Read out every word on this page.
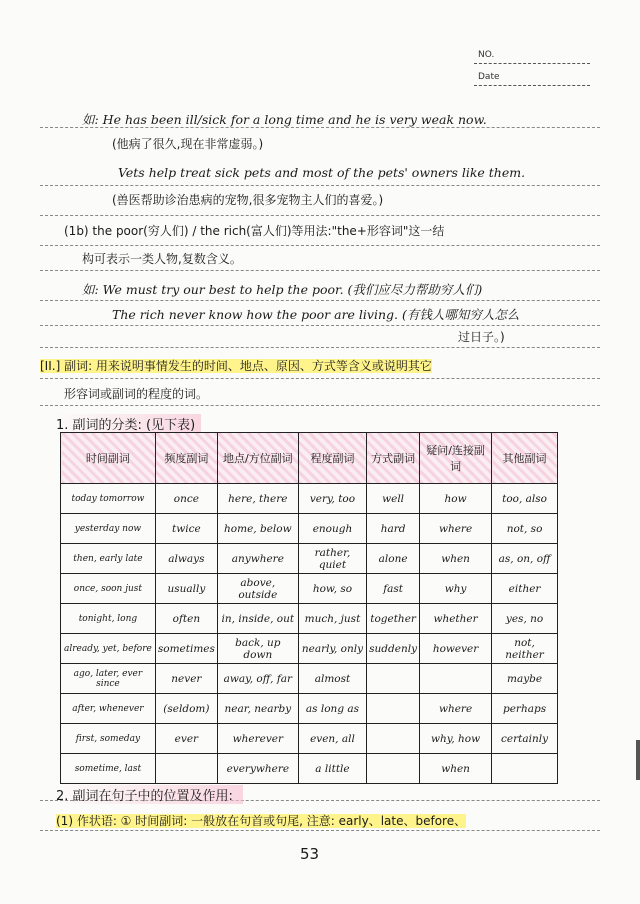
NO.
Date
如: He has been ill/sick for a long time and he is very weak now.
(他病了很久,现在非常虚弱。)
Vets help treat sick pets and most of the pets' owners like them.
(兽医帮助诊治患病的宠物,很多宠物主人们的喜爱。)
(1b) the poor(穷人们) / the rich(富人们)等用法:"the+形容词"这一结
构可表示一类人物,复数含义。
如: We must try our best to help the poor. (我们应尽力帮助穷人们)
The rich never know how the poor are living. (有钱人哪知穷人怎么
过日子。)
[II.] 副词: 用来说明事情发生的时间、地点、原因、方式等含义或说明其它
形容词或副词的程度的词。
1. 副词的分类: (见下表)
时间副词	频度副词	地点/方位副词	程度副词	方式副词	疑问/连接副词	其他副词
today tomorrow	once	here, there	very, too	well	how	too, also
yesterday now	twice	home, below	enough	hard	where	not, so
then, early late	always	anywhere	rather, quiet	alone	when	as, on, off
once, soon just	usually	above, outside	how, so	fast	why	either
tonight, long	often	in, inside, out	much, just	together	whether	yes, no
already, yet, before	sometimes	back, up down	nearly, only	suddenly	however	not, neither
ago, later, ever since	never	away, off, far	almost			maybe
after, whenever	(seldom)	near, nearby	as long as		where	perhaps
first, someday	ever	wherever	even, all		why, how	certainly
sometime, last		everywhere	a little		when	
2. 副词在句子中的位置及作用:
(1) 作状语: ① 时间副词: 一般放在句首或句尾, 注意: early、late、before、
53
